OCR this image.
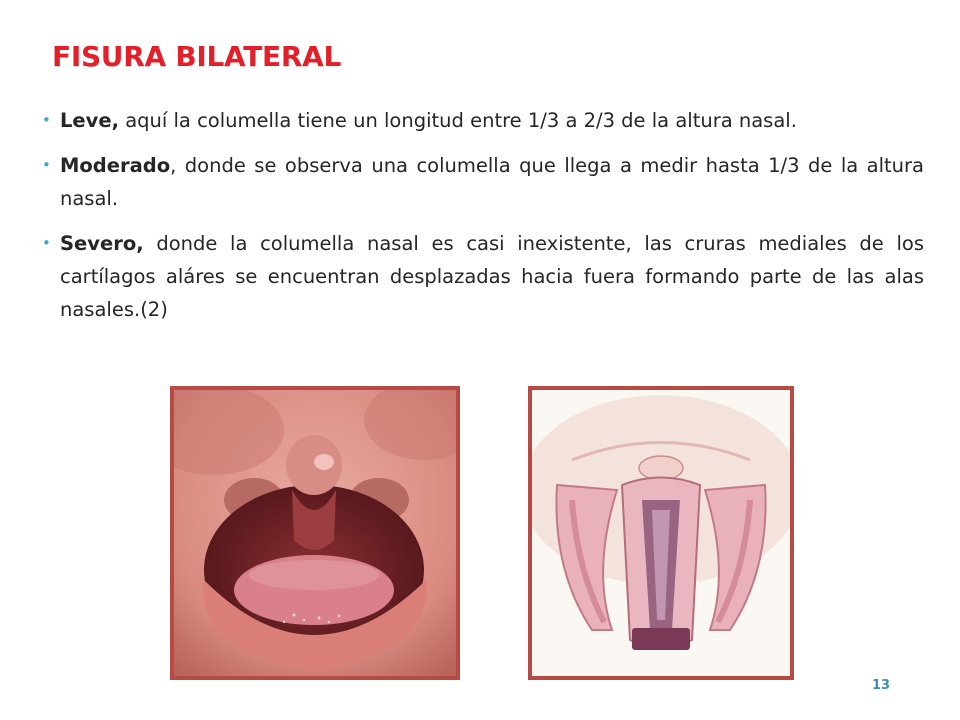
FISURA BILATERAL
• Leve, aquí la columella tiene un longitud entre 1/3 a 2/3 de la altura nasal.
• Moderado, donde se observa una columella que llega a medir hasta 1/3 de la altura nasal.
• Severo, donde la columella nasal es casi inexistente, las cruras mediales de los cartílagos aláres se encuentran desplazadas hacia fuera formando parte de las alas nasales.(2)
13
